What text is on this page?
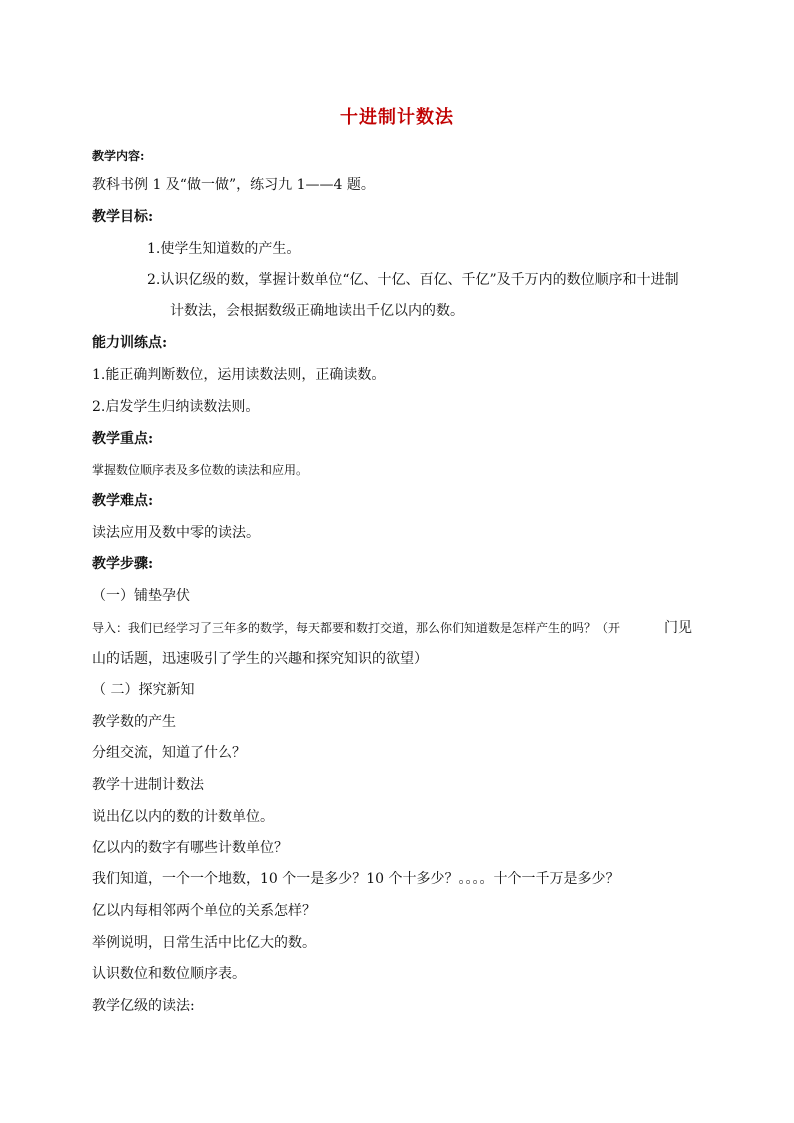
十进制计数法
教学内容:
教科书例 1 及“做一做”，练习九 1——4 题。
教学目标:
1.使学生知道数的产生。
2.认识亿级的数，掌握计数单位“亿、十亿、百亿、千亿”及千万内的数位顺序和十进制
计数法，会根据数级正确地读出千亿以内的数。
能力训练点:
1.能正确判断数位，运用读数法则，正确读数。
2.启发学生归纳读数法则。
教学重点:
掌握数位顺序表及多位数的读法和应用。
教学难点:
读法应用及数中零的读法。
教学步骤:
（一）铺垫孕伏
导入：我们已经学习了三年多的数学，每天都要和数打交道，那么你们知道数是怎样产生的吗？（开	门见
山的话题，迅速吸引了学生的兴趣和探究知识的欲望）
（ 二）探究新知
教学数的产生
分组交流，知道了什么？
教学十进制计数法
说出亿以内的数的计数单位。
亿以内的数字有哪些计数单位？
我们知道，一个一个地数，10 个一是多少？10 个十多少？。。。。十个一千万是多少？
亿以内每相邻两个单位的关系怎样？
举例说明，日常生活中比亿大的数。
认识数位和数位顺序表。
教学亿级的读法:
